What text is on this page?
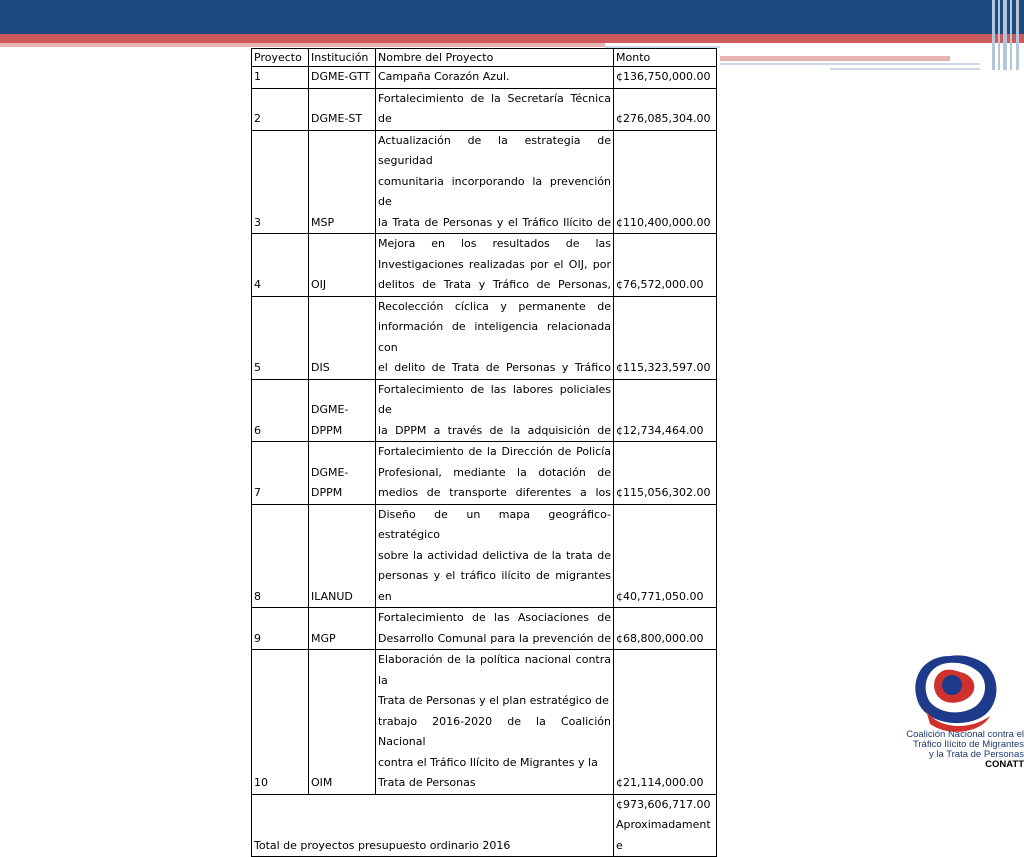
Proyecto	Institución	Nombre del Proyecto	Monto
1	DGME-GTT	Campaña Corazón Azul.	¢136,750,000.00

2	DGME-ST	Fortalecimiento de la Secretaría Técnica de	¢276,085,304.00

3	MSP	Actualización de la estrategia de seguridad
comunitaria incorporando la prevención de
la Trata de Personas y el Tráfico Ilícito de	¢110,400,000.00

4	OIJ	Mejora en los resultados de las
Investigaciones realizadas por el OIJ, por
delitos de Trata y Tráfico de Personas,	¢76,572,000.00

5	DIS	Recolección cíclica y permanente de
información de inteligencia relacionada con
el delito de Trata de Personas y Tráfico	¢115,323,597.00

6	DGME-
DPPM	Fortalecimiento de las labores policiales de
la DPPM a través de la adquisición de	¢12,734,464.00

7	DGME-
DPPM	Fortalecimiento de la Dirección de Policía
Profesional, mediante la dotación de
medios de transporte diferentes a los	¢115,056,302.00

8	ILANUD	Diseño de un mapa geográfico-estratégico
sobre la actividad delictiva de la trata de
personas y el tráfico ilícito de migrantes en	¢40,771,050.00

9	MGP	Fortalecimiento de las Asociaciones de
Desarrollo Comunal para la prevención de	¢68,800,000.00

10	OIM	Elaboración de la política nacional contra la
Trata de Personas y el plan estratégico de
trabajo 2016-2020 de la Coalición Nacional
contra el Tráfico Ilícito de Migrantes y la
Trata de Personas	¢21,114,000.00

Total de proyectos presupuesto ordinario 2016			¢973,606,717.00
Aproximadament
e
Coalición Nacional contra el
Tráfico Ilícito de Migrantes
y la Trata de Personas
CONATT
